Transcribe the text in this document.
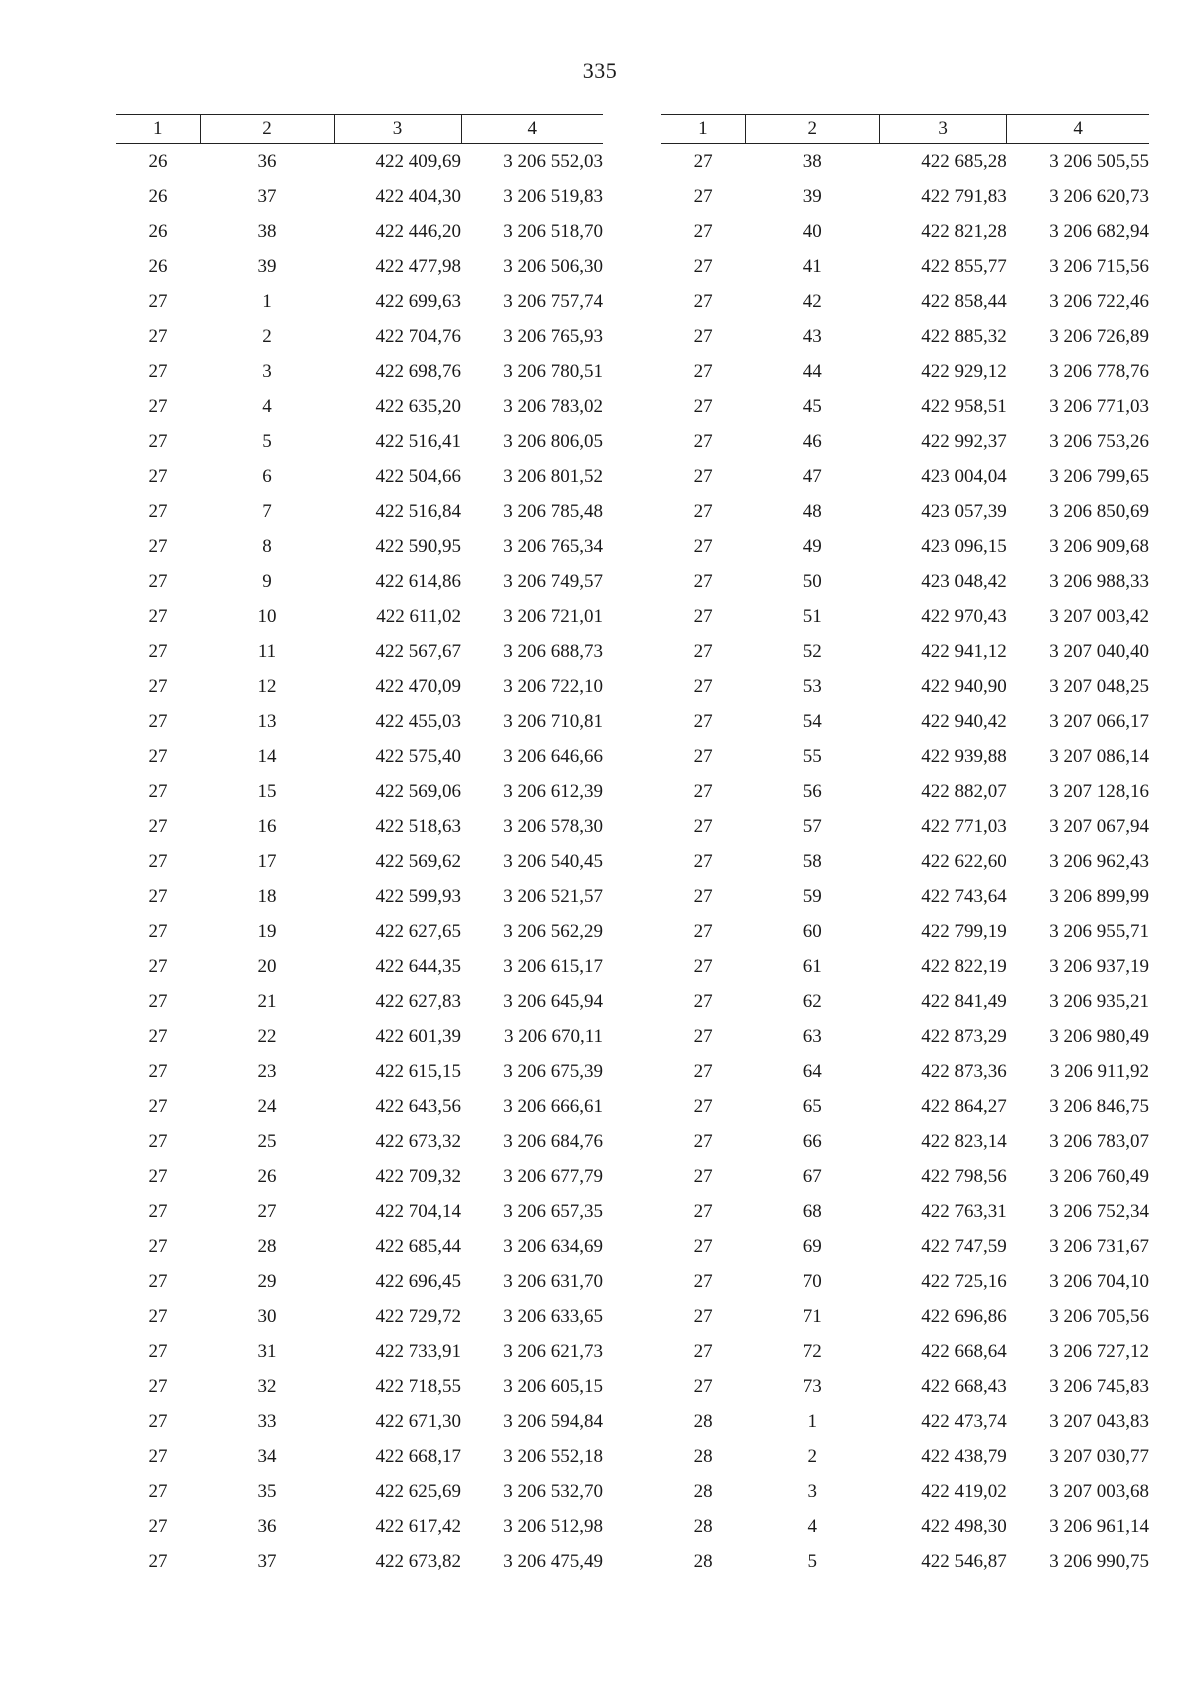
335
1	2	3	4
26	36	422 409,69	3 206 552,03
26	37	422 404,30	3 206 519,83
26	38	422 446,20	3 206 518,70
26	39	422 477,98	3 206 506,30
27	1	422 699,63	3 206 757,74
27	2	422 704,76	3 206 765,93
27	3	422 698,76	3 206 780,51
27	4	422 635,20	3 206 783,02
27	5	422 516,41	3 206 806,05
27	6	422 504,66	3 206 801,52
27	7	422 516,84	3 206 785,48
27	8	422 590,95	3 206 765,34
27	9	422 614,86	3 206 749,57
27	10	422 611,02	3 206 721,01
27	11	422 567,67	3 206 688,73
27	12	422 470,09	3 206 722,10
27	13	422 455,03	3 206 710,81
27	14	422 575,40	3 206 646,66
27	15	422 569,06	3 206 612,39
27	16	422 518,63	3 206 578,30
27	17	422 569,62	3 206 540,45
27	18	422 599,93	3 206 521,57
27	19	422 627,65	3 206 562,29
27	20	422 644,35	3 206 615,17
27	21	422 627,83	3 206 645,94
27	22	422 601,39	3 206 670,11
27	23	422 615,15	3 206 675,39
27	24	422 643,56	3 206 666,61
27	25	422 673,32	3 206 684,76
27	26	422 709,32	3 206 677,79
27	27	422 704,14	3 206 657,35
27	28	422 685,44	3 206 634,69
27	29	422 696,45	3 206 631,70
27	30	422 729,72	3 206 633,65
27	31	422 733,91	3 206 621,73
27	32	422 718,55	3 206 605,15
27	33	422 671,30	3 206 594,84
27	34	422 668,17	3 206 552,18
27	35	422 625,69	3 206 532,70
27	36	422 617,42	3 206 512,98
27	37	422 673,82	3 206 475,49
1	2	3	4
27	38	422 685,28	3 206 505,55
27	39	422 791,83	3 206 620,73
27	40	422 821,28	3 206 682,94
27	41	422 855,77	3 206 715,56
27	42	422 858,44	3 206 722,46
27	43	422 885,32	3 206 726,89
27	44	422 929,12	3 206 778,76
27	45	422 958,51	3 206 771,03
27	46	422 992,37	3 206 753,26
27	47	423 004,04	3 206 799,65
27	48	423 057,39	3 206 850,69
27	49	423 096,15	3 206 909,68
27	50	423 048,42	3 206 988,33
27	51	422 970,43	3 207 003,42
27	52	422 941,12	3 207 040,40
27	53	422 940,90	3 207 048,25
27	54	422 940,42	3 207 066,17
27	55	422 939,88	3 207 086,14
27	56	422 882,07	3 207 128,16
27	57	422 771,03	3 207 067,94
27	58	422 622,60	3 206 962,43
27	59	422 743,64	3 206 899,99
27	60	422 799,19	3 206 955,71
27	61	422 822,19	3 206 937,19
27	62	422 841,49	3 206 935,21
27	63	422 873,29	3 206 980,49
27	64	422 873,36	3 206 911,92
27	65	422 864,27	3 206 846,75
27	66	422 823,14	3 206 783,07
27	67	422 798,56	3 206 760,49
27	68	422 763,31	3 206 752,34
27	69	422 747,59	3 206 731,67
27	70	422 725,16	3 206 704,10
27	71	422 696,86	3 206 705,56
27	72	422 668,64	3 206 727,12
27	73	422 668,43	3 206 745,83
28	1	422 473,74	3 207 043,83
28	2	422 438,79	3 207 030,77
28	3	422 419,02	3 207 003,68
28	4	422 498,30	3 206 961,14
28	5	422 546,87	3 206 990,75
